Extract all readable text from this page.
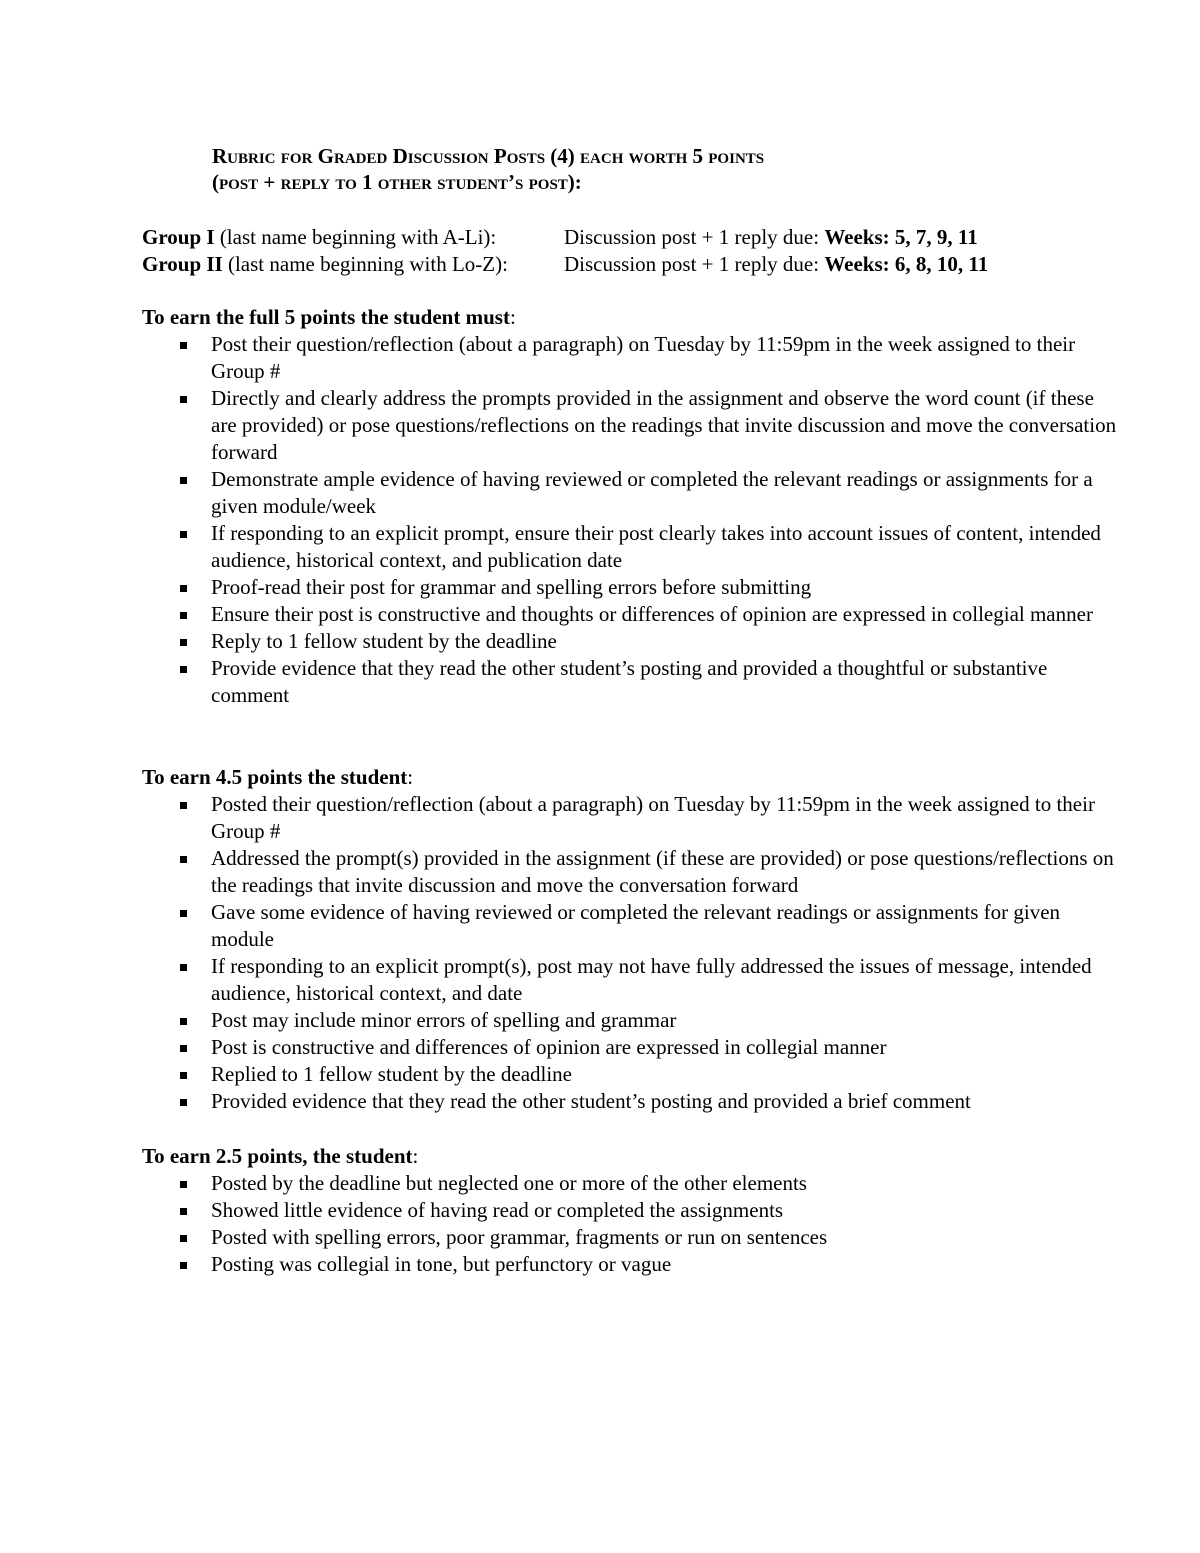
Rubric for Graded Discussion Posts (4) each worth 5 points
(post + reply to 1 other student’s post):
Group I (last name beginning with A-Li):	Discussion post + 1 reply due: Weeks: 5, 7, 9, 11
Group II (last name beginning with Lo-Z):	Discussion post + 1 reply due: Weeks: 6, 8, 10, 11
To earn the full 5 points the student must:
Post their question/reflection (about a paragraph) on Tuesday by 11:59pm in the week assigned to their Group #
Directly and clearly address the prompts provided in the assignment and observe the word count (if these are provided) or pose questions/reflections on the readings that invite discussion and move the conversation forward
Demonstrate ample evidence of having reviewed or completed the relevant readings or assignments for a given module/week
If responding to an explicit prompt, ensure their post clearly takes into account issues of content, intended audience, historical context, and publication date
Proof-read their post for grammar and spelling errors before submitting
Ensure their post is constructive and thoughts or differences of opinion are expressed in collegial manner
Reply to 1 fellow student by the deadline
Provide evidence that they read the other student’s posting and provided a thoughtful or substantive comment
To earn 4.5 points the student:
Posted their question/reflection (about a paragraph) on Tuesday by 11:59pm in the week assigned to their Group #
Addressed the prompt(s) provided in the assignment (if these are provided) or pose questions/reflections on the readings that invite discussion and move the conversation forward
Gave some evidence of having reviewed or completed the relevant readings or assignments for given module
If responding to an explicit prompt(s), post may not have fully addressed the issues of message, intended audience, historical context, and date
Post may include minor errors of spelling and grammar
Post is constructive and differences of opinion are expressed in collegial manner
Replied to 1 fellow student by the deadline
Provided evidence that they read the other student’s posting and provided a brief comment
To earn 2.5 points, the student:
Posted by the deadline but neglected one or more of the other elements
Showed little evidence of having read or completed the assignments
Posted with spelling errors, poor grammar, fragments or run on sentences
Posting was collegial in tone, but perfunctory or vague
